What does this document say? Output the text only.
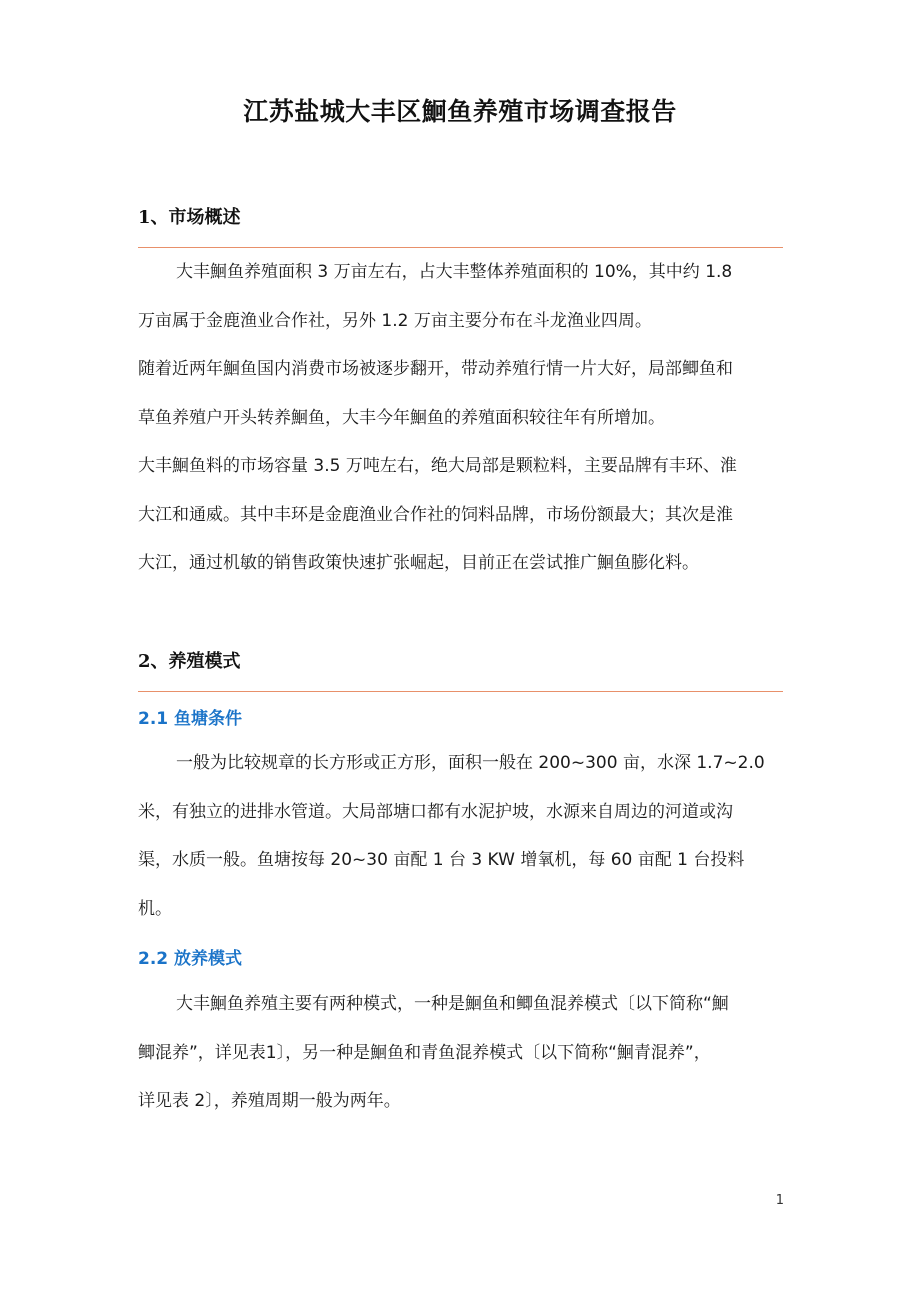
江苏盐城大丰区鮰鱼养殖市场调查报告
1、市场概述
大丰鮰鱼养殖面积 3 万亩左右，占大丰整体养殖面积的 10%，其中约 1.8
万亩属于金鹿渔业合作社，另外 1.2 万亩主要分布在斗龙渔业四周。
随着近两年鮰鱼国内消费市场被逐步翻开，带动养殖行情一片大好，局部鲫鱼和
草鱼养殖户开头转养鮰鱼，大丰今年鮰鱼的养殖面积较往年有所增加。
大丰鮰鱼料的市场容量 3.5 万吨左右，绝大局部是颗粒料，主要品牌有丰环、淮
大江和通威。其中丰环是金鹿渔业合作社的饲料品牌，市场份额最大；其次是淮
大江，通过机敏的销售政策快速扩张崛起，目前正在尝试推广鮰鱼膨化料。
2、养殖模式
2.1 鱼塘条件
一般为比较规章的长方形或正方形，面积一般在 200~300 亩，水深 1.7~2.0
米，有独立的进排水管道。大局部塘口都有水泥护坡，水源来自周边的河道或沟
渠，水质一般。鱼塘按每 20~30 亩配 1 台 3 KW 增氧机，每 60 亩配 1 台投料
机。
2.2 放养模式
大丰鮰鱼养殖主要有两种模式，一种是鮰鱼和鲫鱼混养模式〔以下简称“鮰
鲫混养”，详见表1〕，另一种是鮰鱼和青鱼混养模式〔以下简称“鮰青混养”，
详见表 2〕，养殖周期一般为两年。
1
